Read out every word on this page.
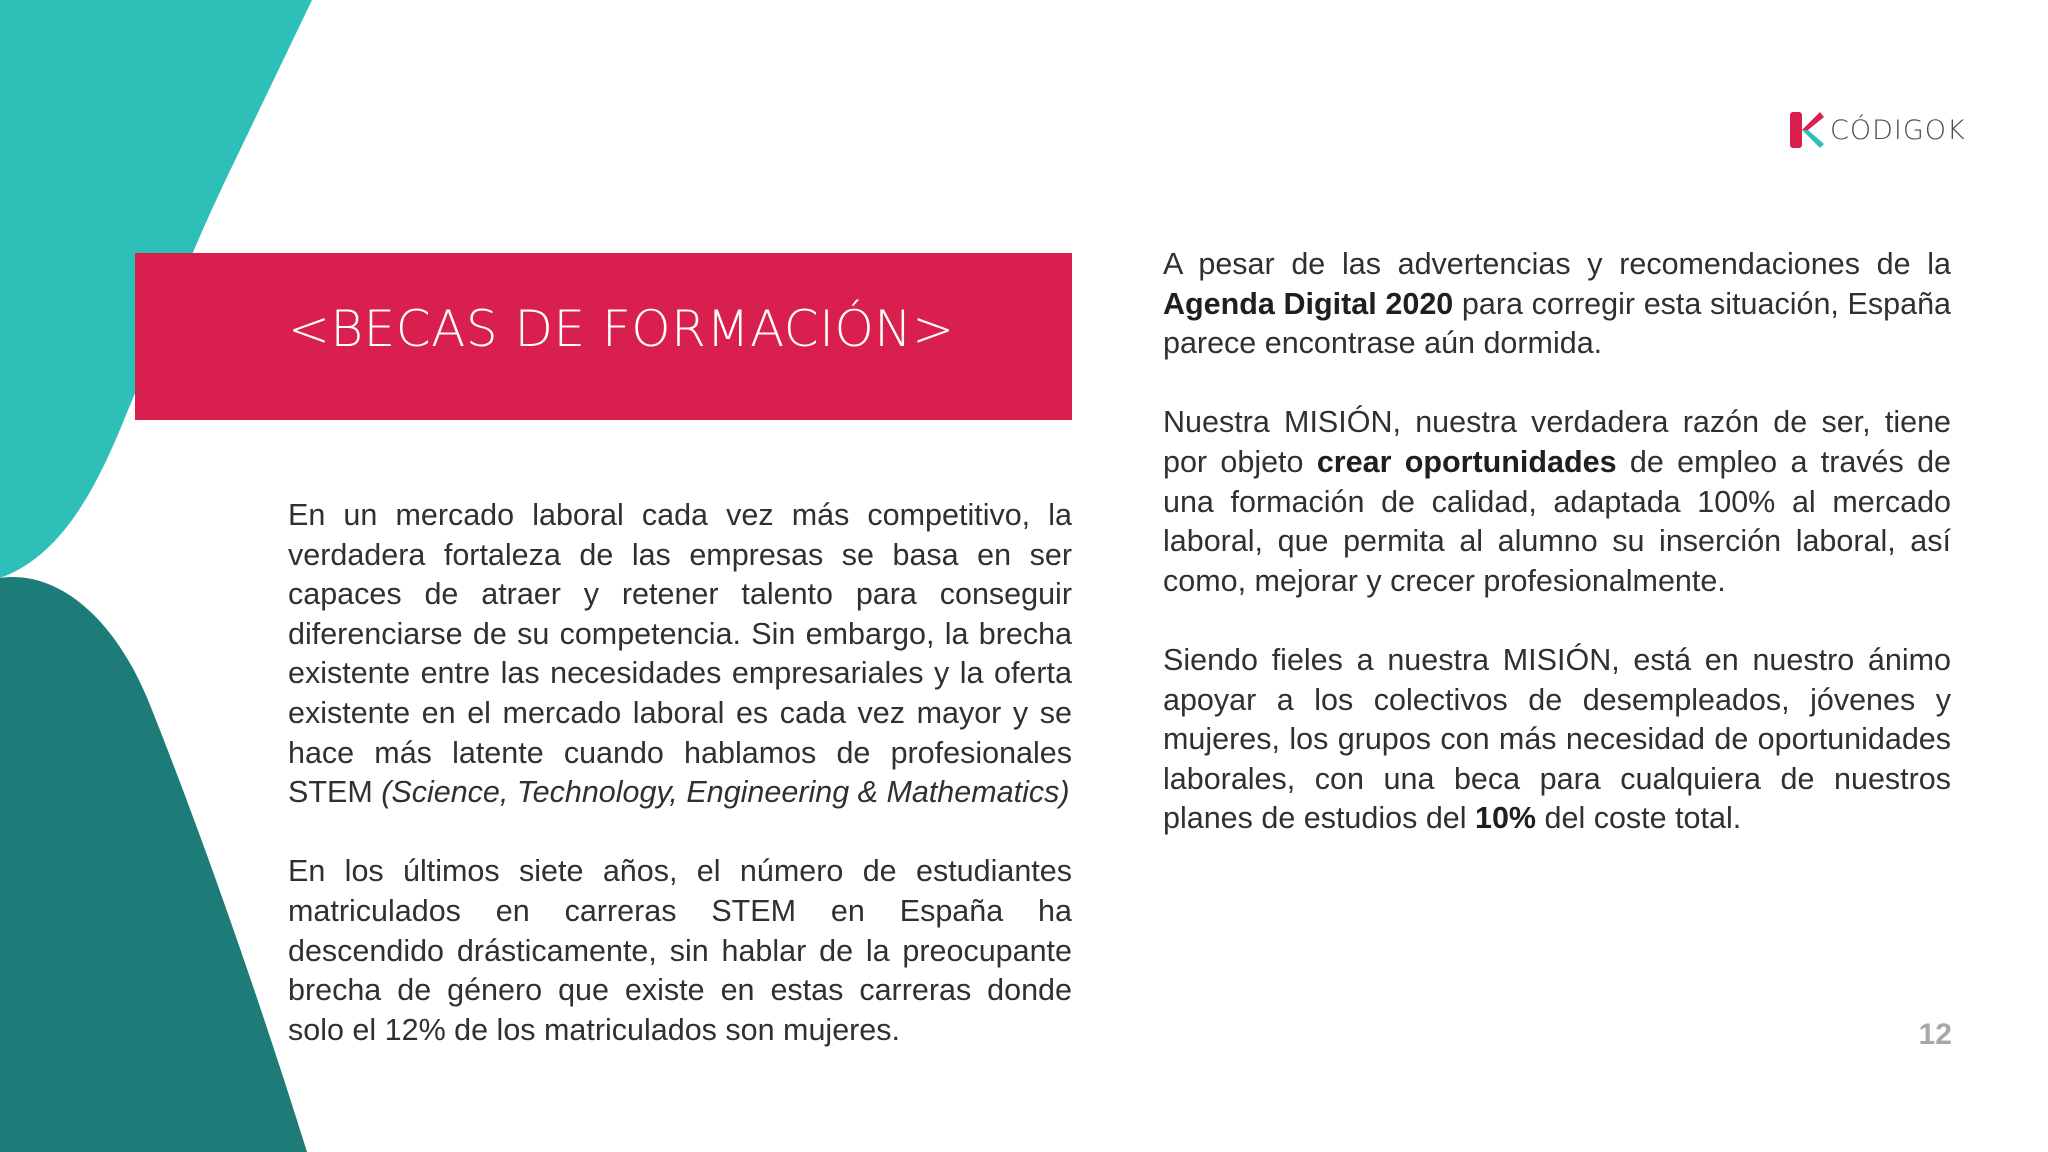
CÓDIGOK
<BECAS DE FORMACIÓN>

En un mercado laboral cada vez más competitivo, la verdadera fortaleza de las empresas se basa en ser capaces de atraer y retener talento para conseguir diferenciarse de su competencia. Sin embargo, la brecha existente entre las necesidades empresariales y la oferta existente en el mercado laboral es cada vez mayor y se hace más latente cuando hablamos de profesionales STEM (Science, Technology, Engineering & Mathematics)

En los últimos siete años, el número de estudiantes matriculados en carreras STEM en España ha descendido drásticamente, sin hablar de la preocupante brecha de género que existe en estas carreras donde solo el 12% de los matriculados son mujeres.

A pesar de las advertencias y recomendaciones de la Agenda Digital 2020 para corregir esta situación, España parece encontrase aún dormida.

Nuestra MISIÓN, nuestra verdadera razón de ser, tiene por objeto crear oportunidades de empleo a través de una formación de calidad, adaptada 100% al mercado laboral, que permita al alumno su inserción laboral, así como, mejorar y crecer profesionalmente.

Siendo fieles a nuestra MISIÓN, está en nuestro ánimo apoyar a los colectivos de desempleados, jóvenes y mujeres, los grupos con más necesidad de oportunidades laborales, con una beca para cualquiera de nuestros planes de estudios del 10% del coste total.

12
